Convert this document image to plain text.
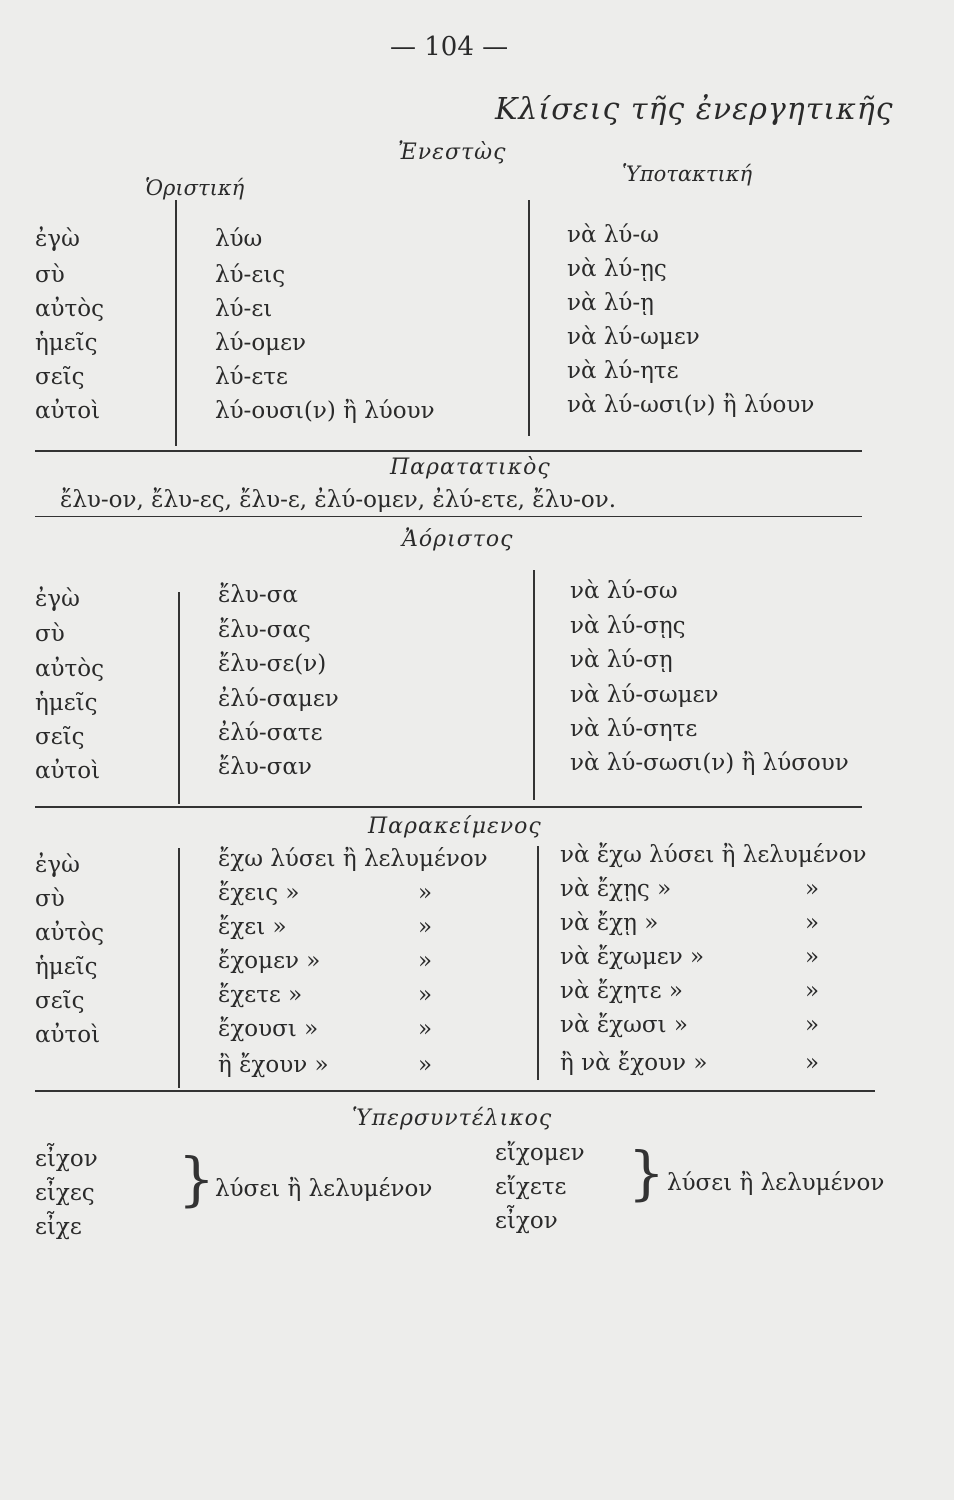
— 104 —
Κλίσεις τῆς ἐνεργητικῆς
Ἐνεστὼς
Ὁριστική
Ὑποτακτική
ἐγὼ
σὺ
αὐτὸς
ἡμεῖς
σεῖς
αὐτοὶ
λύω
λύ-εις
λύ-ει
λύ-ομεν
λύ-ετε
λύ-ουσι(ν) ἢ λύουν
νὰ λύ-ω
νὰ λύ-ῃς
νὰ λύ-ῃ
νὰ λύ-ωμεν
νὰ λύ-ητε
νὰ λύ-ωσι(ν) ἢ λύουν
Παρατατικὸς
ἔλυ-ον, ἔλυ-ες, ἔλυ-ε, ἐλύ-ομεν, ἐλύ-ετε, ἔλυ-ον.
Ἀόριστος
ἐγὼ
σὺ
αὐτὸς
ἡμεῖς
σεῖς
αὐτοὶ
ἔλυ-σα
ἔλυ-σας
ἔλυ-σε(ν)
ἐλύ-σαμεν
ἐλύ-σατε
ἔλυ-σαν
νὰ λύ-σω
νὰ λύ-σῃς
νὰ λύ-σῃ
νὰ λύ-σωμεν
νὰ λύ-σητε
νὰ λύ-σωσι(ν) ἢ λύσουν
Παρακείμενος
ἐγὼ
σὺ
αὐτὸς
ἡμεῖς
σεῖς
αὐτοὶ
ἔχω λύσει ἢ λελυμένον
ἔχεις »
ἔχει »
ἔχομεν »
ἔχετε »
ἔχουσι »
ἢ ἔχουν »
»
»
»
»
»
»
νὰ ἔχω λύσει ἢ λελυμένον
νὰ ἔχῃς »
νὰ ἔχῃ »
νὰ ἔχωμεν »
νὰ ἔχητε »
νὰ ἔχωσι »
ἢ νὰ ἔχουν »
»
»
»
»
»
»
Ὑπερσυντέλικος
εἶχον
εἶχες
εἶχε
} λύσει ἢ λελυμένον
εἴχομεν
εἴχετε
εἶχον
} λύσει ἢ λελυμένον
